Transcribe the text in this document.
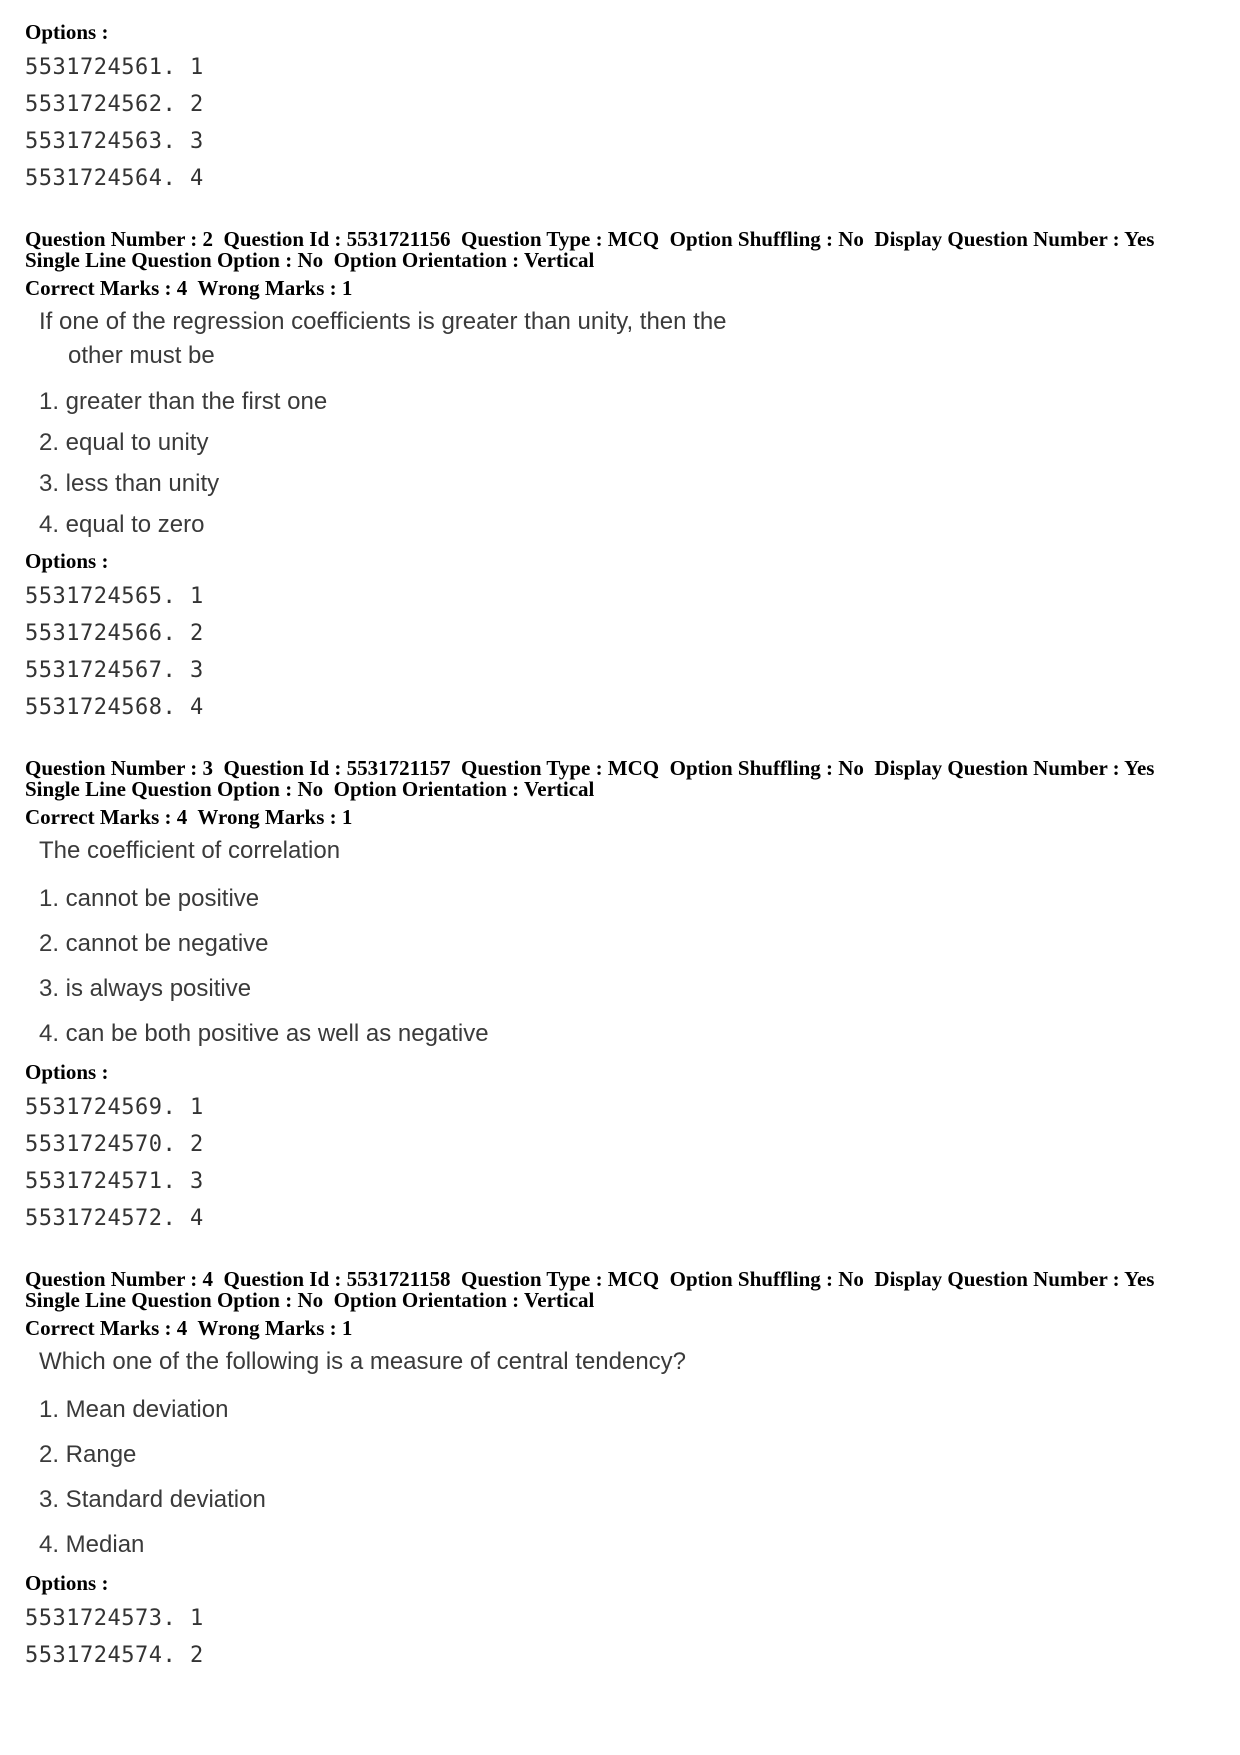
Options :
5531724561. 1
5531724562. 2
5531724563. 3
5531724564. 4
Question Number : 2  Question Id : 5531721156  Question Type : MCQ  Option Shuffling : No  Display Question Number : Yes
Single Line Question Option : No  Option Orientation : Vertical
Correct Marks : 4  Wrong Marks : 1
If one of the regression coefficients is greater than unity, then the
other must be
1. greater than the first one
2. equal to unity
3. less than unity
4. equal to zero
Options :
5531724565. 1
5531724566. 2
5531724567. 3
5531724568. 4
Question Number : 3  Question Id : 5531721157  Question Type : MCQ  Option Shuffling : No  Display Question Number : Yes
Single Line Question Option : No  Option Orientation : Vertical
Correct Marks : 4  Wrong Marks : 1
The coefficient of correlation
1. cannot be positive
2. cannot be negative
3. is always positive
4. can be both positive as well as negative
Options :
5531724569. 1
5531724570. 2
5531724571. 3
5531724572. 4
Question Number : 4  Question Id : 5531721158  Question Type : MCQ  Option Shuffling : No  Display Question Number : Yes
Single Line Question Option : No  Option Orientation : Vertical
Correct Marks : 4  Wrong Marks : 1
Which one of the following is a measure of central tendency?
1. Mean deviation
2. Range
3. Standard deviation
4. Median
Options :
5531724573. 1
5531724574. 2
